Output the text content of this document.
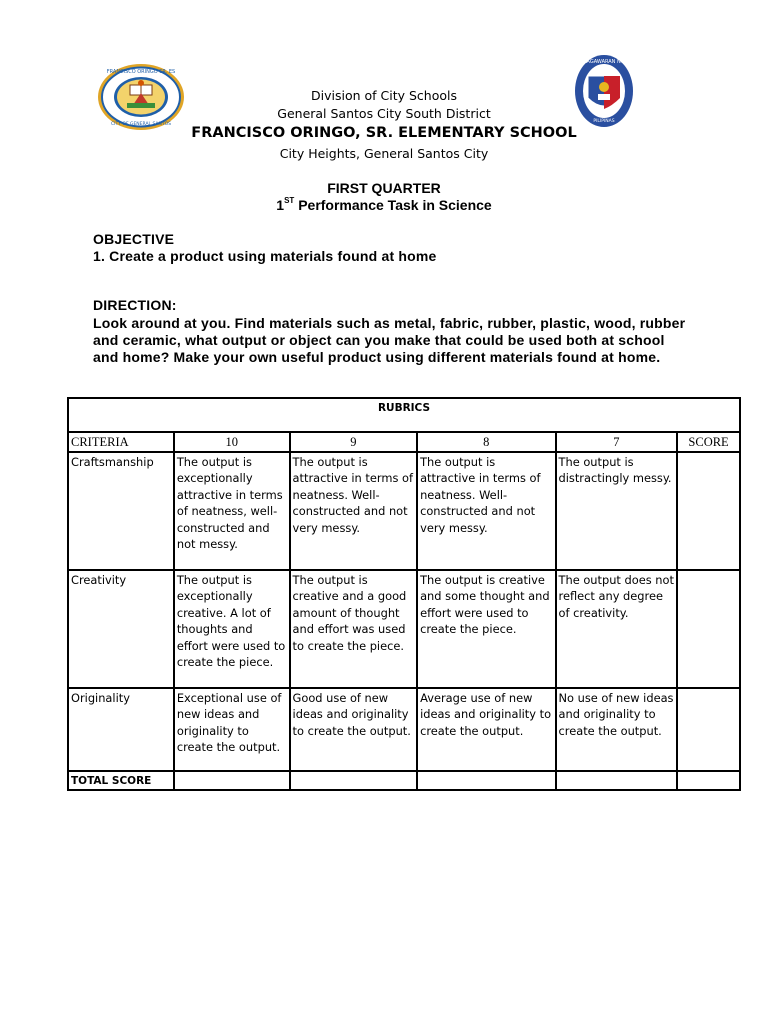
FRANCISCO ORINGO SR. ES
CITY OF GENERAL SANTOS
KAGAWARAN NG
PILIPINAS
Division of City Schools
General Santos City South District
FRANCISCO ORINGO, SR. ELEMENTARY SCHOOL
City Heights, General Santos City
FIRST QUARTER
1ST Performance Task in Science
OBJECTIVE
1. Create a product using materials found at home
DIRECTION:
Look around at you. Find materials such as metal, fabric, rubber, plastic, wood, rubber and ceramic, what output or object can you make that could be used both at school and home? Make your own useful product using different materials found at home.
RUBRICS					
CRITERIA	10	9	8	7	SCORE
Craftsmanship	The output is exceptionally attractive in terms of neatness, well-constructed and not messy.	The output is attractive in terms of neatness. Well-constructed and not very messy.	The output is attractive in terms of neatness. Well-constructed and not very messy.	The output is distractingly messy.	
Creativity	The output is exceptionally creative. A lot of thoughts and effort were used to create the piece.	The output is creative and a good amount of thought and effort was used to create the piece.	The output is creative and some thought and effort were used to create the piece.	The output does not reflect any degree of creativity.	
Originality	Exceptional use of new ideas and originality to create the output.	Good use of new ideas and originality to create the output.	Average use of new ideas and originality to create the output.	No use of new ideas and originality to create the output.	
TOTAL SCORE					
